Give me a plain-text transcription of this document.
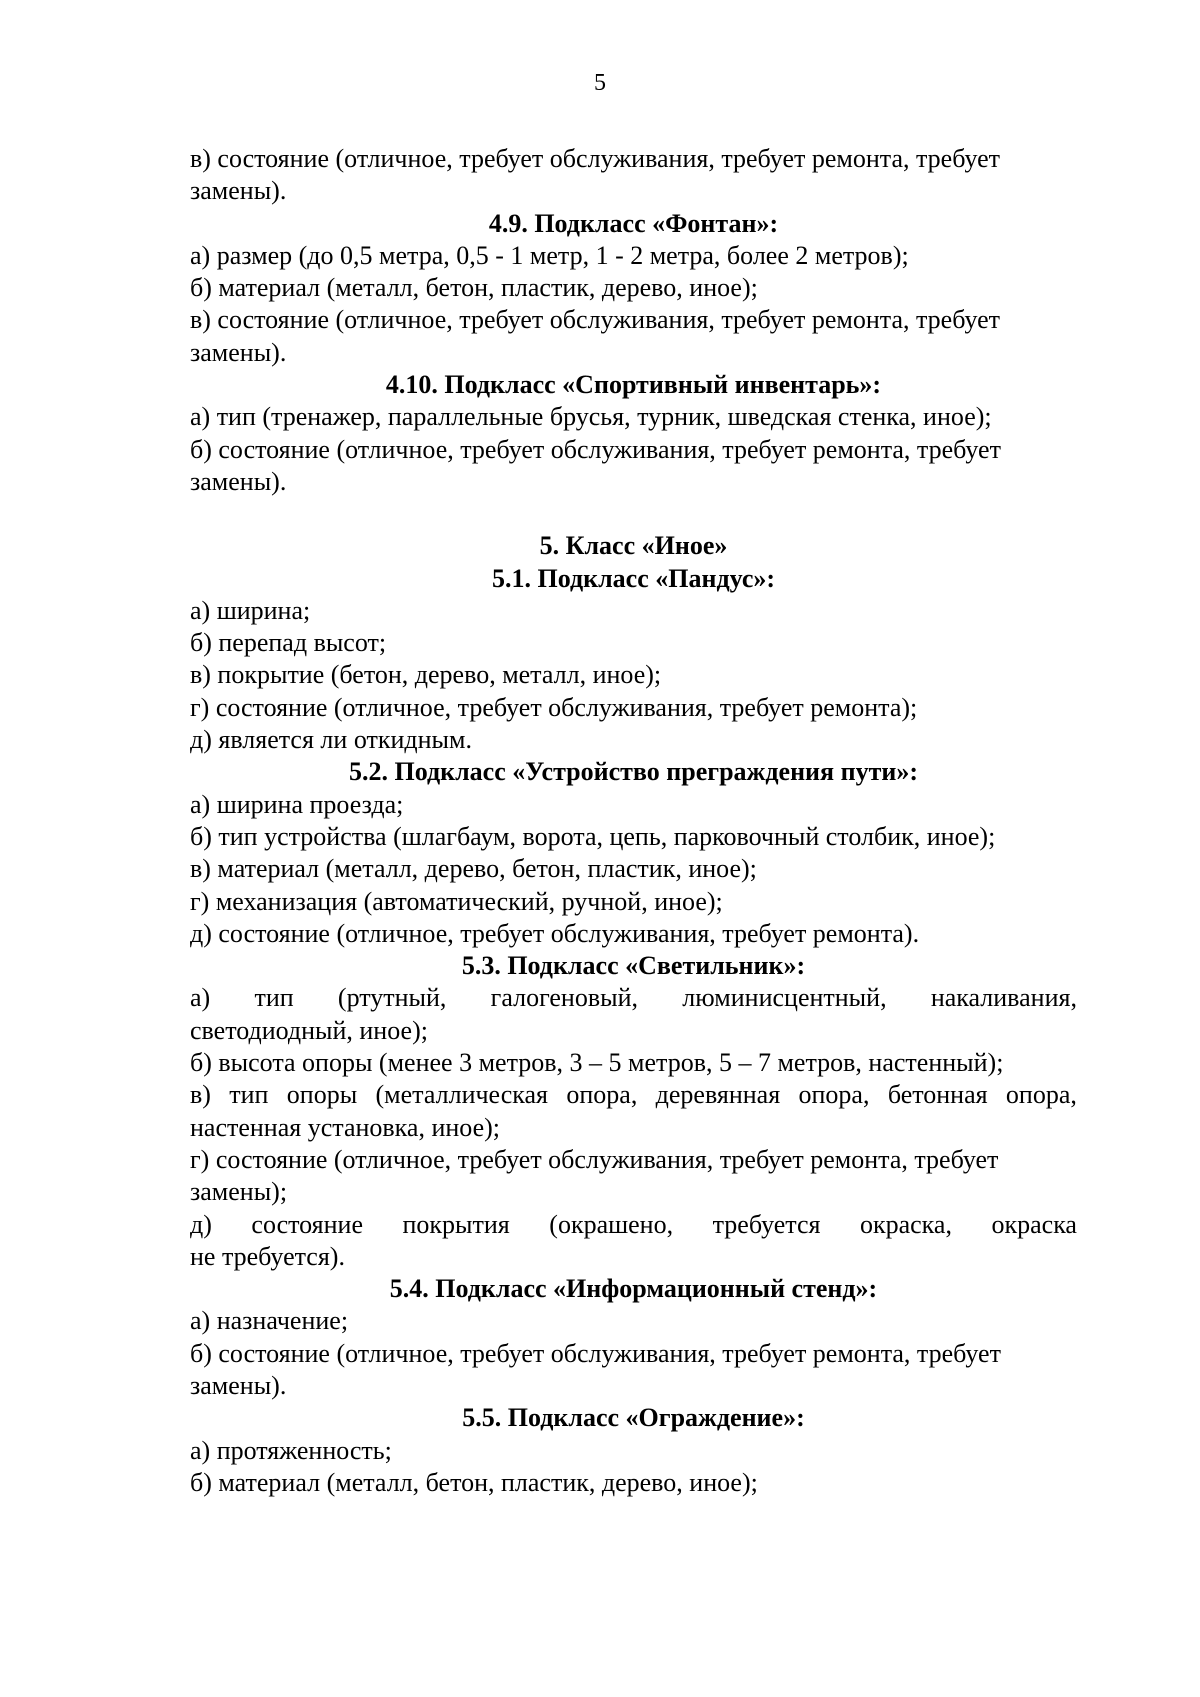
5
в) состояние (отличное, требует обслуживания, требует ремонта, требует
замены).
4.9. Подкласс «Фонтан»:
а) размер (до 0,5 метра, 0,5 - 1 метр, 1 - 2 метра, более 2 метров);
б) материал (металл, бетон, пластик, дерево, иное);
в) состояние (отличное, требует обслуживания, требует ремонта, требует
замены).
4.10. Подкласс «Спортивный инвентарь»:
а) тип (тренажер, параллельные брусья, турник, шведская стенка, иное);
б) состояние (отличное, требует обслуживания, требует ремонта, требует
замены).
5. Класс «Иное»
5.1. Подкласс «Пандус»:
а) ширина;
б) перепад высот;
в) покрытие (бетон, дерево, металл, иное);
г) состояние (отличное, требует обслуживания, требует ремонта);
д) является ли откидным.
5.2. Подкласс «Устройство преграждения пути»:
а) ширина проезда;
б) тип устройства (шлагбаум, ворота, цепь, парковочный столбик, иное);
в) материал (металл, дерево, бетон, пластик, иное);
г) механизация (автоматический, ручной, иное);
д) состояние (отличное, требует обслуживания, требует ремонта).
5.3. Подкласс «Светильник»:
а) тип (ртутный, галогеновый, люминисцентный, накаливания,
светодиодный, иное);
б) высота опоры (менее 3 метров, 3 – 5 метров, 5 – 7 метров, настенный);
в) тип опоры (металлическая опора, деревянная опора, бетонная опора,
настенная установка, иное);
г) состояние (отличное, требует обслуживания, требует ремонта, требует
замены);
д) состояние покрытия (окрашено, требуется окраска, окраска
не требуется).
5.4. Подкласс «Информационный стенд»:
а) назначение;
б) состояние (отличное, требует обслуживания, требует ремонта, требует
замены).
5.5. Подкласс «Ограждение»:
а) протяженность;
б) материал (металл, бетон, пластик, дерево, иное);
